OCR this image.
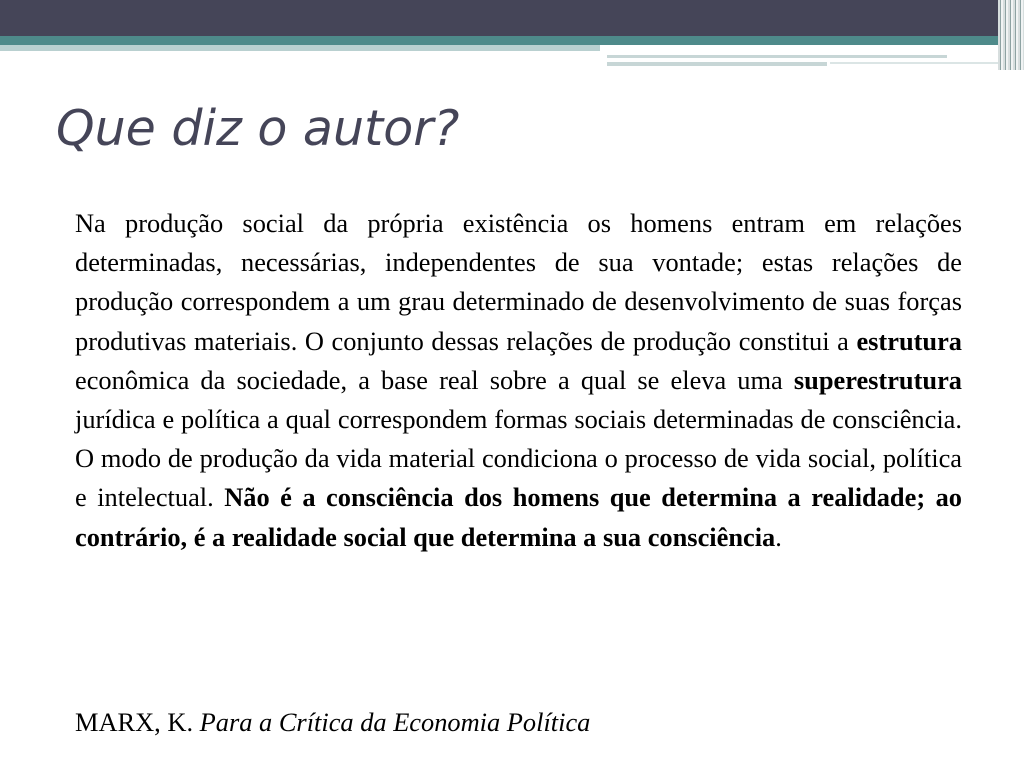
Que diz o autor?

Na produção social da própria existência os homens entram em relações determinadas, necessárias, independentes de sua vontade; estas relações de produção correspondem a um grau determinado de desenvolvimento de suas forças produtivas materiais. O conjunto dessas relações de produção constitui a estrutura econômica da sociedade, a base real sobre a qual se eleva uma superestrutura jurídica e política a qual correspondem formas sociais determinadas de consciência. O modo de produção da vida material condiciona o processo de vida social, política e intelectual. Não é a consciência dos homens que determina a realidade; ao contrário, é a realidade social que determina a sua consciência.

MARX, K. Para a Crítica da Economia Política
